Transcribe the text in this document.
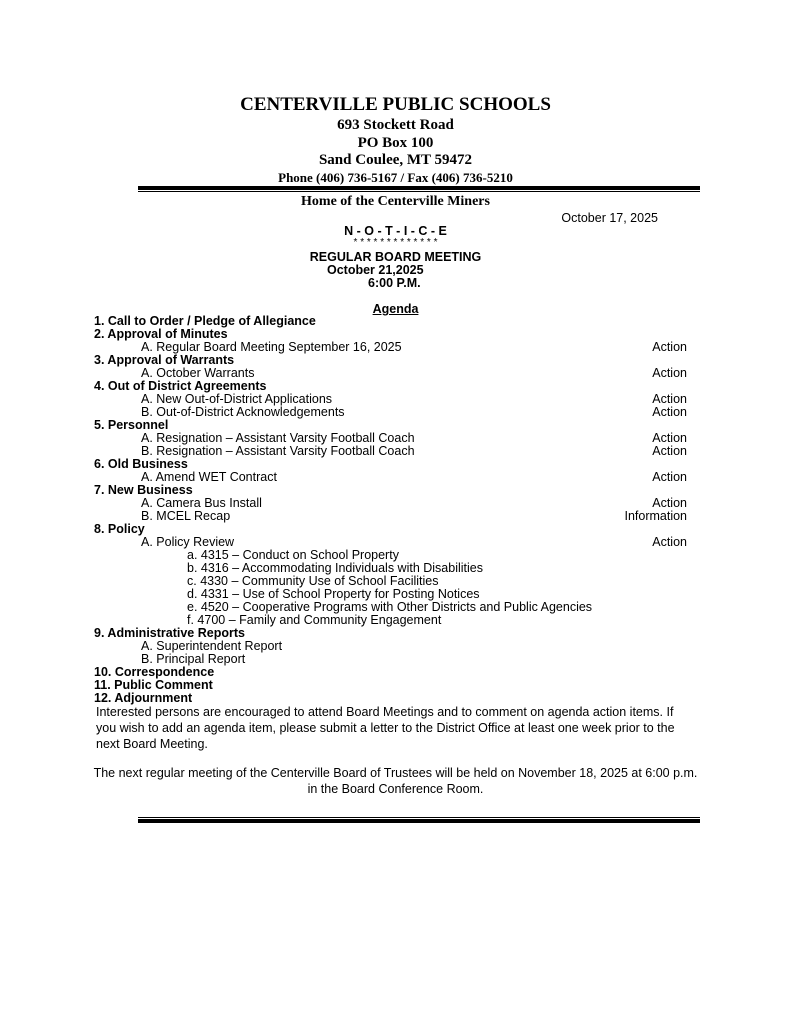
CENTERVILLE PUBLIC SCHOOLS
693 Stockett Road
PO Box 100
Sand Coulee, MT 59472
Phone (406) 736-5167 / Fax (406) 736-5210
Home of the Centerville Miners
October 17, 2025
N - O - T - I - C - E
* * * * * * * * * * * * *
REGULAR BOARD MEETING
October 21,2025
6:00 P.M.
Agenda
1. Call to Order / Pledge of Allegiance
2. Approval of Minutes
A. Regular Board Meeting September 16, 2025	Action
3. Approval of Warrants
A. October Warrants	Action
4. Out of District Agreements
A. New Out-of-District Applications	Action
B. Out-of-District Acknowledgements	Action
5. Personnel
A. Resignation – Assistant Varsity Football Coach	Action
B. Resignation – Assistant Varsity Football Coach	Action
6. Old Business
A. Amend WET Contract	Action
7. New Business
A. Camera Bus Install	Action
B. MCEL Recap	Information
8. Policy
A. Policy Review	Action
a. 4315 – Conduct on School Property
b. 4316 – Accommodating Individuals with Disabilities
c. 4330 – Community Use of School Facilities
d. 4331 – Use of School Property for Posting Notices
e. 4520 – Cooperative Programs with Other Districts and Public Agencies
f. 4700 – Family and Community Engagement
9. Administrative Reports
A. Superintendent Report
B. Principal Report
10. Correspondence
11. Public Comment
12. Adjournment
Interested persons are encouraged to attend Board Meetings and to comment on agenda action items. If you wish to add an agenda item, please submit a letter to the District Office at least one week prior to the next Board Meeting.
The next regular meeting of the Centerville Board of Trustees will be held on November 18, 2025 at 6:00 p.m. in the Board Conference Room.
